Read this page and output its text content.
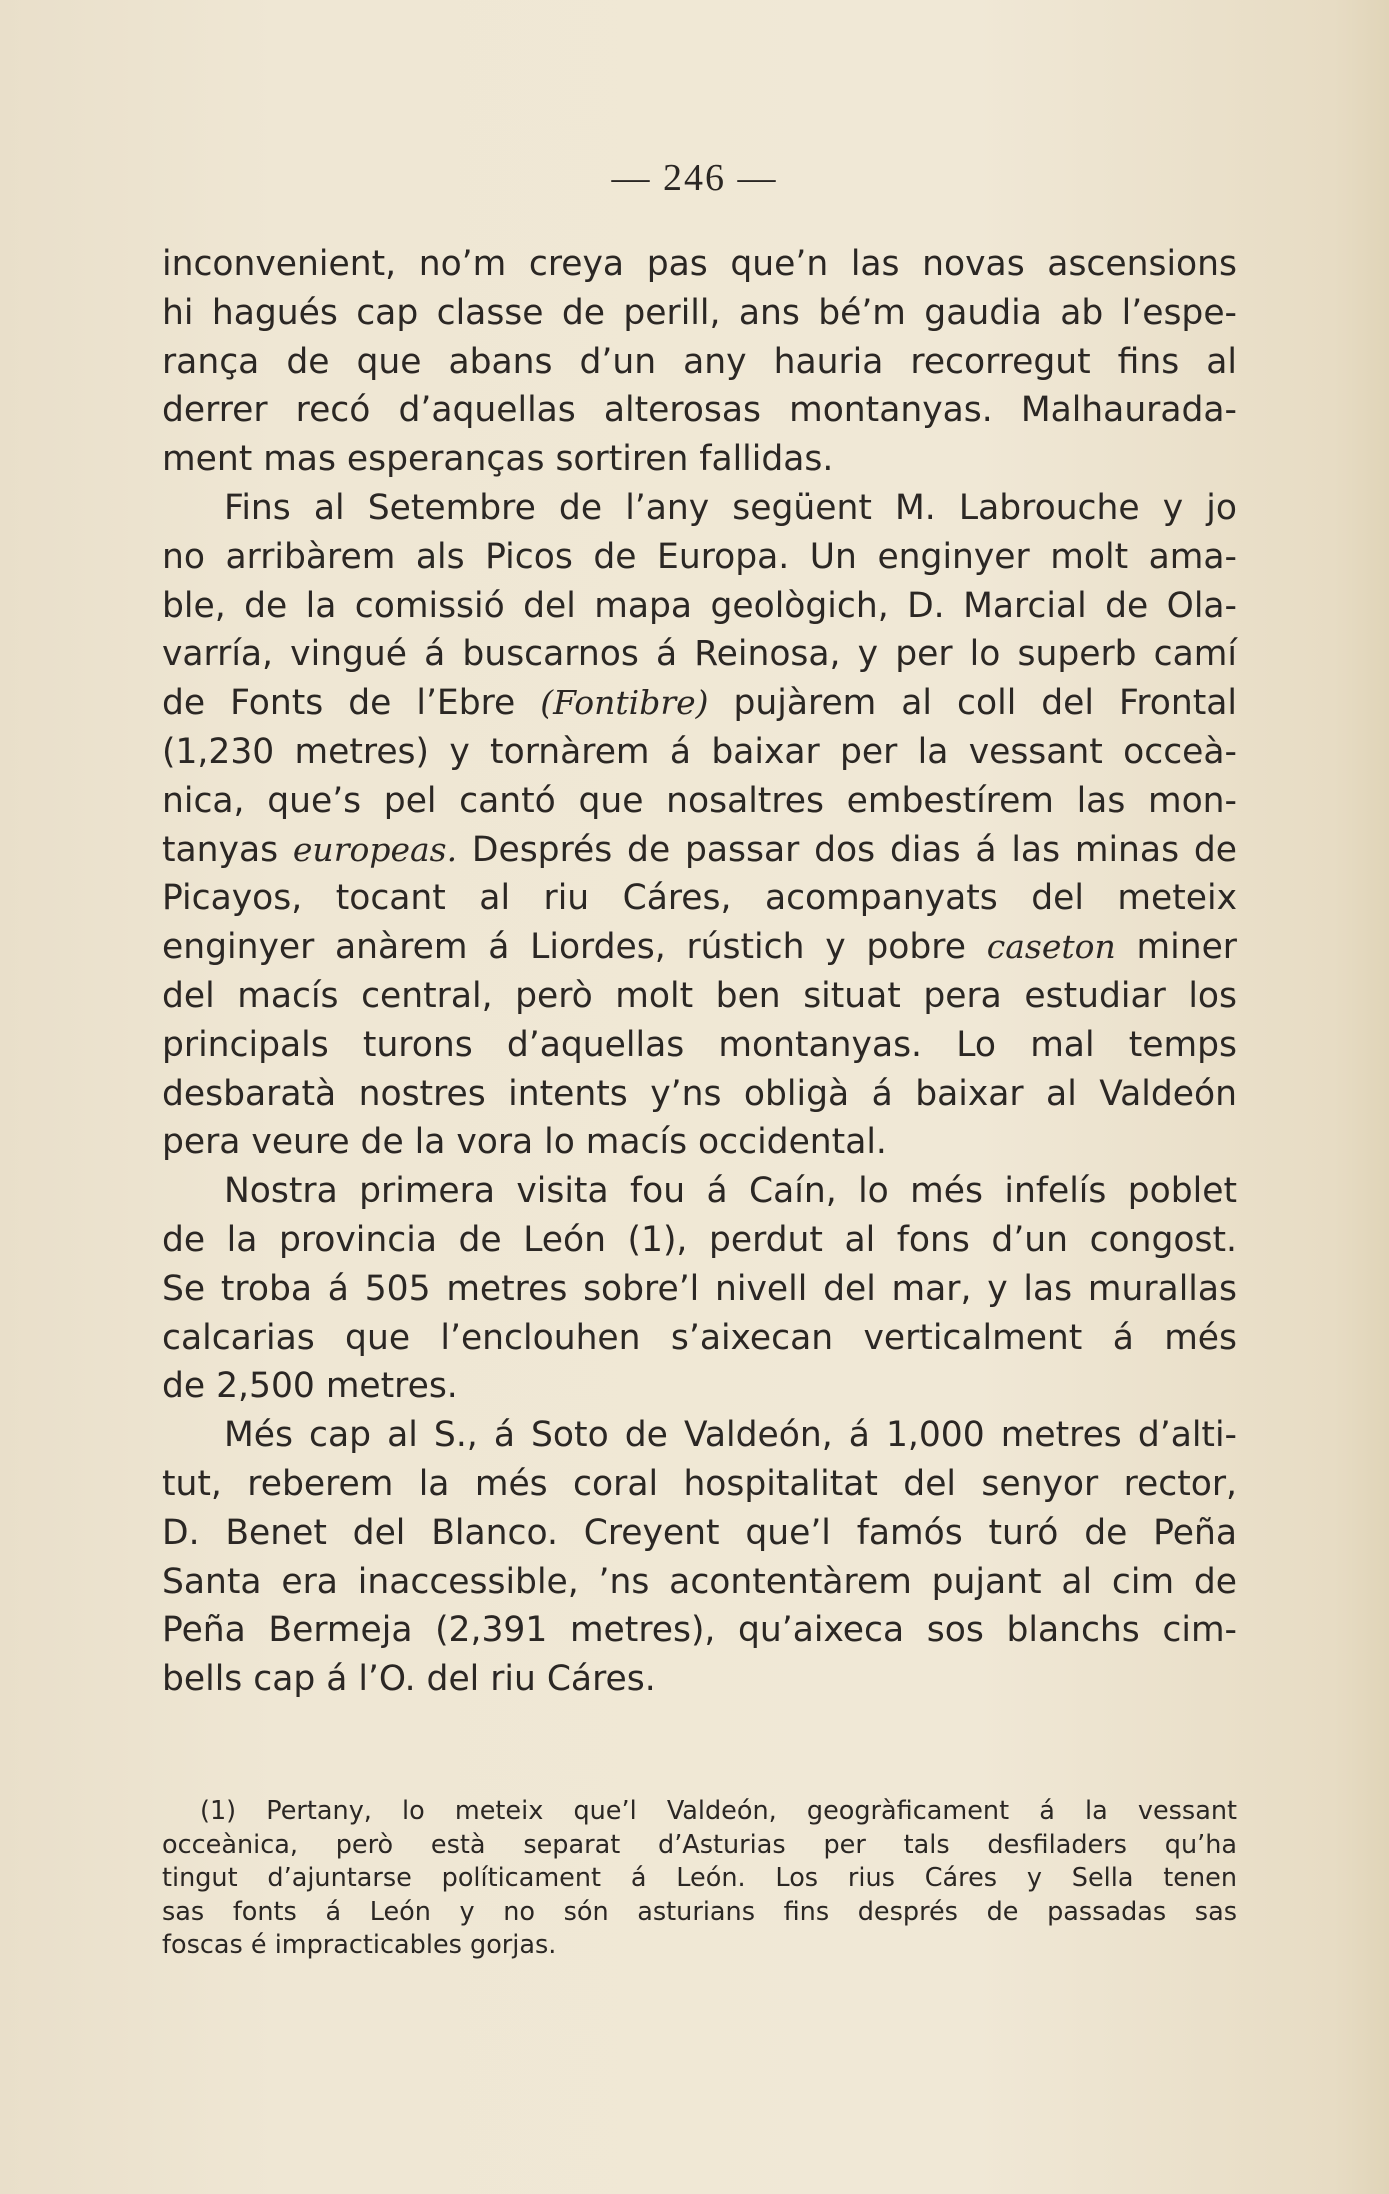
— 246 —

inconvenient, no’m creya pas que’n las novas ascensions
hi hagués cap classe de perill, ans bé’m gaudia ab l’espe-
rança de que abans d’un any hauria recorregut fins al
derrer recó d’aquellas alterosas montanyas. Malhaurada-
ment mas esperanças sortiren fallidas.

Fins al Setembre de l’any següent M. Labrouche y jo
no arribàrem als Picos de Europa. Un enginyer molt ama-
ble, de la comissió del mapa geològich, D. Marcial de Ola-
varría, vingué á buscarnos á Reinosa, y per lo superb camí
de Fonts de l’Ebre (Fontibre) pujàrem al coll del Frontal
(1,230 metres) y tornàrem á baixar per la vessant occeà-
nica, que’s pel cantó que nosaltres embestírem las mon-
tanyas europeas. Després de passar dos dias á las minas de
Picayos, tocant al riu Cáres, acompanyats del meteix
enginyer anàrem á Liordes, rústich y pobre caseton miner
del macís central, però molt ben situat pera estudiar los
principals turons d’aquellas montanyas. Lo mal temps
desbaratà nostres intents y’ns obligà á baixar al Valdeón
pera veure de la vora lo macís occidental.

Nostra primera visita fou á Caín, lo més infelís poblet
de la provincia de León (1), perdut al fons d’un congost.
Se troba á 505 metres sobre’l nivell del mar, y las murallas
calcarias que l’enclouhen s’aixecan verticalment á més
de 2,500 metres.

Més cap al S., á Soto de Valdeón, á 1,000 metres d’alti-
tut, reberem la més coral hospitalitat del senyor rector,
D. Benet del Blanco. Creyent que’l famós turó de Peña
Santa era inaccessible, ’ns acontentàrem pujant al cim de
Peña Bermeja (2,391 metres), qu’aixeca sos blanchs cim-
bells cap á l’O. del riu Cáres.

(1) Pertany, lo meteix que’l Valdeón, geogràficament á la vessant
occeànica, però està separat d’Asturias per tals desfiladers qu’ha
tingut d’ajuntarse políticament á León. Los rius Cáres y Sella tenen
sas fonts á León y no són asturians fins després de passadas sas
foscas é impracticables gorjas.
